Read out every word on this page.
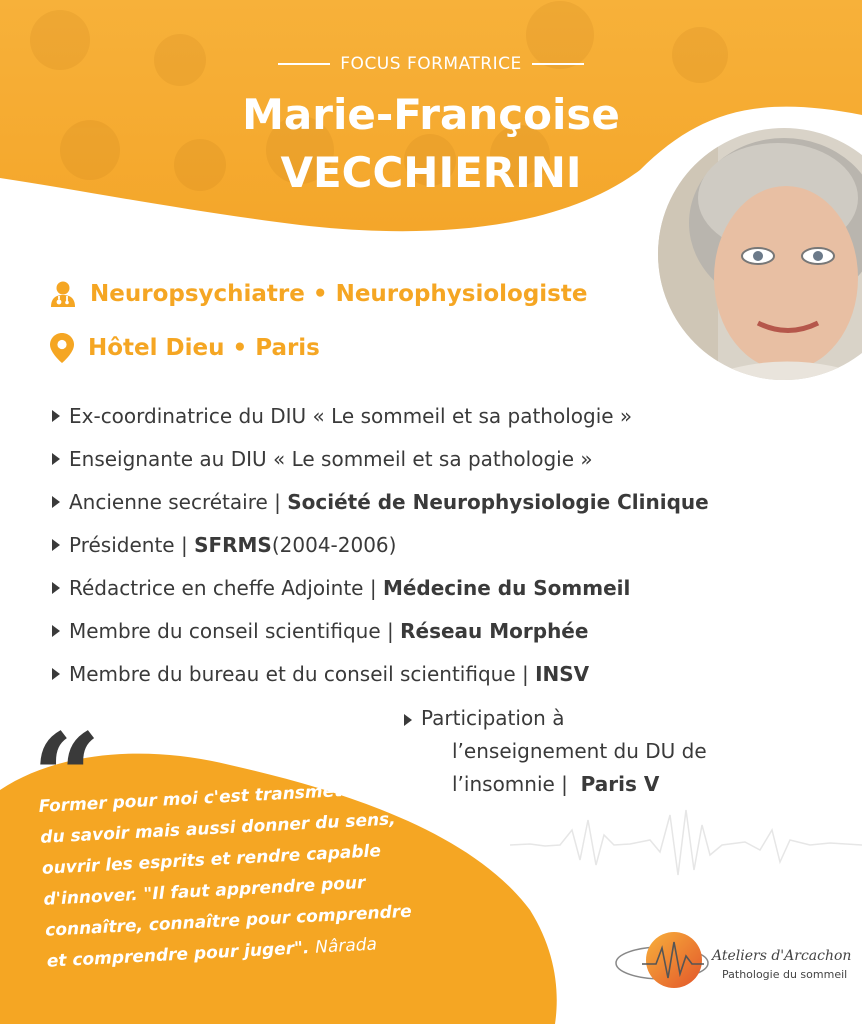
FOCUS FORMATRICE
Marie-Françoise
VECCHIERINI
Neuropsychiatre • Neurophysiologiste
Hôtel Dieu • Paris
Ex-coordinatrice du DIU « Le sommeil et sa pathologie »
Enseignante au DIU « Le sommeil et sa pathologie »
Ancienne secrétaire |
Société de Neurophysiologie Clinique
Présidente |
SFRMS (2004-2006)
Rédactrice en cheffe Adjointe |
Médecine du Sommeil
Membre du conseil scientifique |
Réseau Morphée
Membre du bureau et du conseil scientifique |
INSV
Participation à
l’enseignement du DU de
l’insomnie |  Paris V
“
Former pour moi c'est transmettre
du savoir mais aussi donner du sens,
ouvrir les esprits et rendre capable
d'innover. "Il faut apprendre pour
connaître, connaître pour comprendre
et comprendre pour juger". Nârada	Ateliers d'Arcachon
Pathologie du sommeil
